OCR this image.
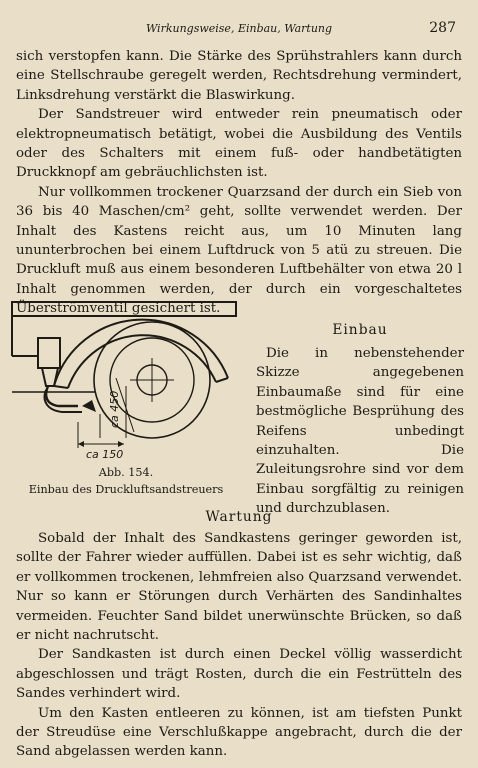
Wirkungsweise, Einbau, Wartung	287
sich verstopfen kann. Die Stärke des Sprühstrahlers kann durch eine Stellschraube geregelt werden, Rechtsdrehung vermindert, Linksdrehung verstärkt die Blaswirkung.
Der Sandstreuer wird entweder rein pneumatisch oder elektropneumatisch betätigt, wobei die Ausbildung des Ventils oder des Schalters mit einem fuß- oder handbetätigten Druckknopf am gebräuchlichsten ist.
Nur vollkommen trockener Quarzsand der durch ein Sieb von 36 bis 40 Maschen/cm² geht, sollte verwendet werden. Der Inhalt des Kastens reicht aus, um 10 Minuten lang ununterbrochen bei einem Luftdruck von 5 atü zu streuen. Die Druckluft muß aus einem besonderen Luftbehälter von etwa 20 l Inhalt genommen werden, der durch ein vorgeschaltetes Überströmventil gesichert ist.
ca 150
ca 450
Abb. 154.
Einbau des Druckluftsandstreuers
Einbau
Die in nebenstehender Skizze angegebenen Einbaumaße sind für eine bestmögliche Besprühung des Reifens unbedingt einzuhalten. Die Zuleitungsrohre sind vor dem Einbau sorgfältig zu reinigen und durchzublasen.
Wartung
Sobald der Inhalt des Sandkastens geringer geworden ist, sollte der Fahrer wieder auffüllen. Dabei ist es sehr wichtig, daß er vollkommen trockenen, lehmfreien also Quarzsand verwendet. Nur so kann er Störungen durch Verhärten des Sandinhaltes vermeiden. Feuchter Sand bildet unerwünschte Brücken, so daß er nicht nachrutscht.
Der Sandkasten ist durch einen Deckel völlig wasserdicht abgeschlossen und trägt Rosten, durch die ein Festrütteln des Sandes verhindert wird.
Um den Kasten entleeren zu können, ist am tiefsten Punkt der Streudüse eine Verschlußkappe angebracht, durch die der Sand abgelassen werden kann.
